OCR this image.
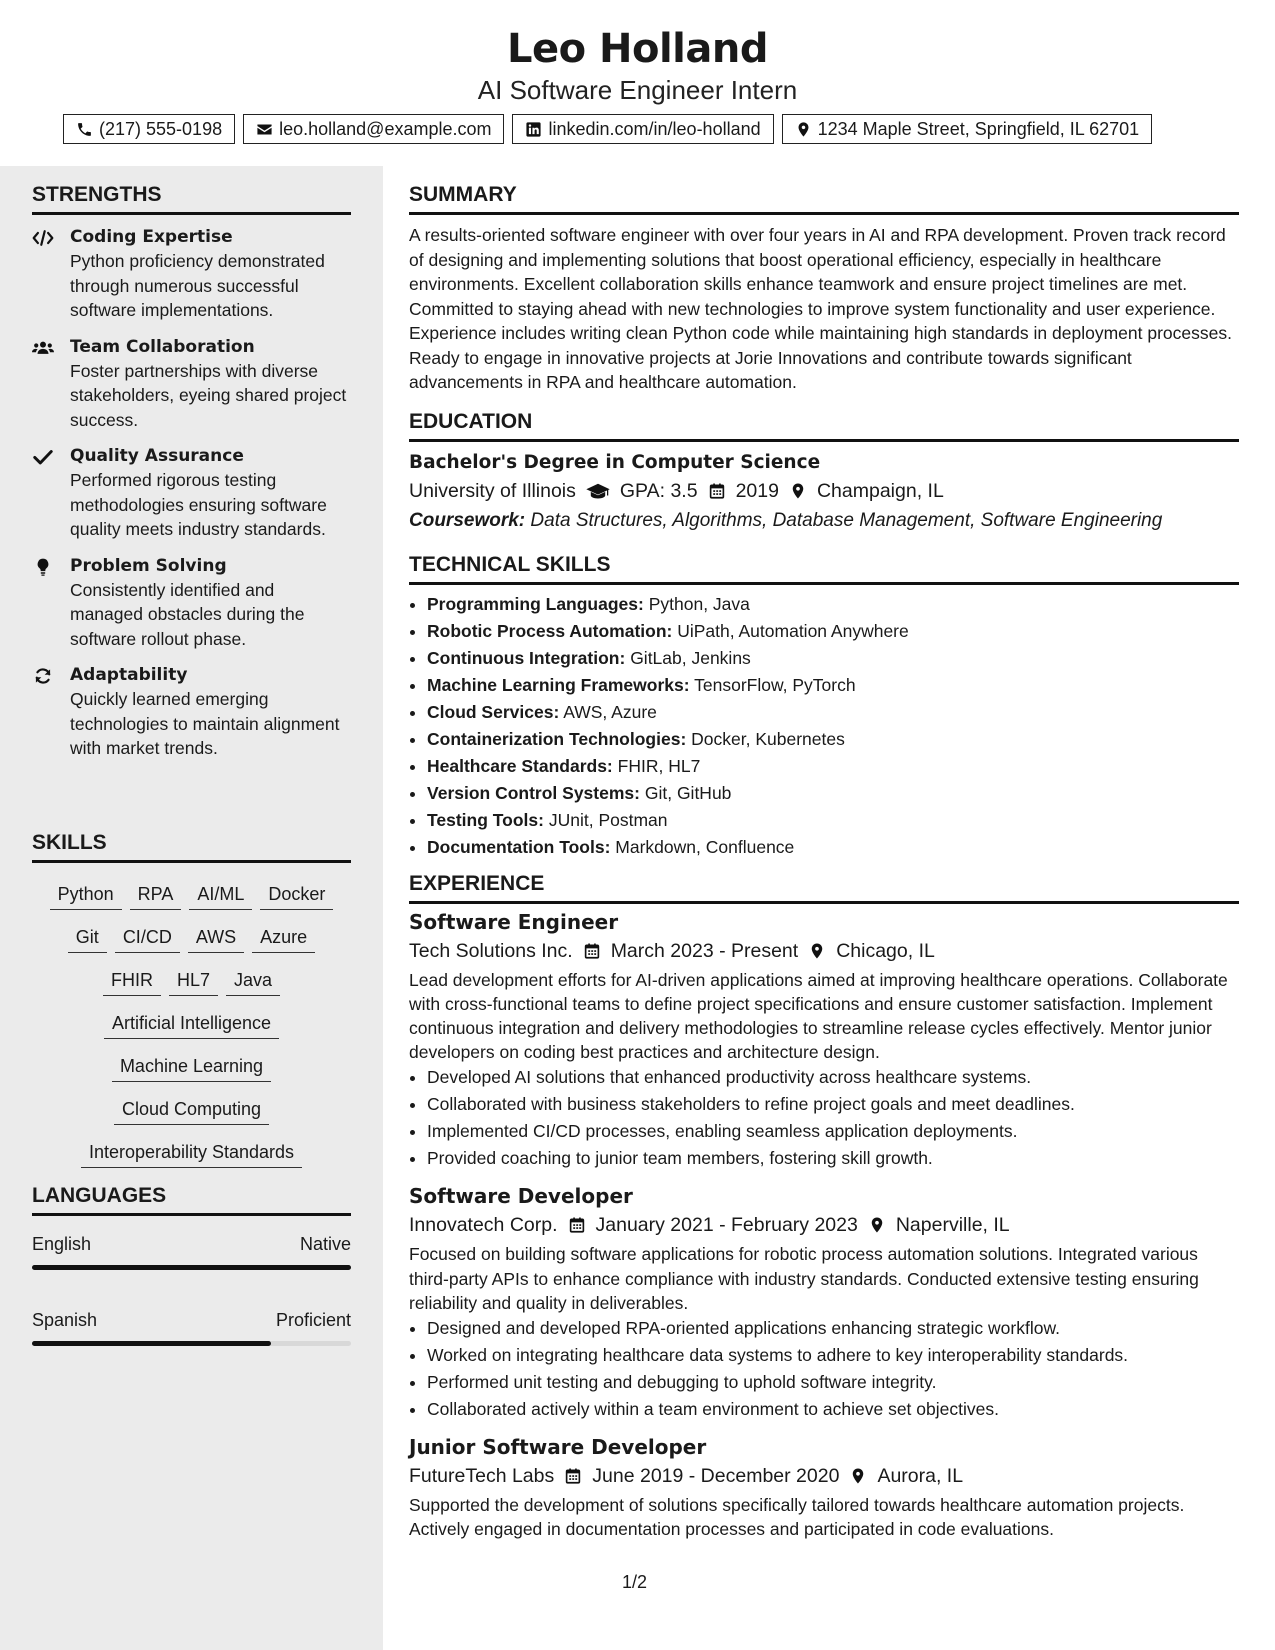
Leo Holland
AI Software Engineer Intern
(217) 555-0198	leo.holland@example.com	linkedin.com/in/leo-holland	1234 Maple Street, Springfield, IL 62701
STRENGTHS
Coding Expertise
Python proficiency demonstrated through numerous successful software implementations.
Team Collaboration
Foster partnerships with diverse stakeholders, eyeing shared project success.
Quality Assurance
Performed rigorous testing methodologies ensuring software quality meets industry standards.
Problem Solving
Consistently identified and managed obstacles during the software rollout phase.
Adaptability
Quickly learned emerging technologies to maintain alignment with market trends.
SKILLS
Python	RPA	AI/ML	Docker
Git	CI/CD	AWS	Azure
FHIR	HL7	Java
Artificial Intelligence
Machine Learning
Cloud Computing
Interoperability Standards
LANGUAGES
English	Native
Spanish	Proficient
SUMMARY
A results-oriented software engineer with over four years in AI and RPA development. Proven track record of designing and implementing solutions that boost operational efficiency, especially in healthcare environments. Excellent collaboration skills enhance teamwork and ensure project timelines are met. Committed to staying ahead with new technologies to improve system functionality and user experience. Experience includes writing clean Python code while maintaining high standards in deployment processes. Ready to engage in innovative projects at Jorie Innovations and contribute towards significant advancements in RPA and healthcare automation.
EDUCATION
Bachelor's Degree in Computer Science
University of Illinois GPA: 3.5 2019 Champaign, IL
Coursework: Data Structures, Algorithms, Database Management, Software Engineering
TECHNICAL SKILLS
• Programming Languages: Python, Java
• Robotic Process Automation: UiPath, Automation Anywhere
• Continuous Integration: GitLab, Jenkins
• Machine Learning Frameworks: TensorFlow, PyTorch
• Cloud Services: AWS, Azure
• Containerization Technologies: Docker, Kubernetes
• Healthcare Standards: FHIR, HL7
• Version Control Systems: Git, GitHub
• Testing Tools: JUnit, Postman
• Documentation Tools: Markdown, Confluence
EXPERIENCE
Software Engineer
Tech Solutions Inc. March 2023 - Present Chicago, IL
Lead development efforts for AI-driven applications aimed at improving healthcare operations. Collaborate with cross-functional teams to define project specifications and ensure customer satisfaction. Implement continuous integration and delivery methodologies to streamline release cycles effectively. Mentor junior developers on coding best practices and architecture design.
• Developed AI solutions that enhanced productivity across healthcare systems.
• Collaborated with business stakeholders to refine project goals and meet deadlines.
• Implemented CI/CD processes, enabling seamless application deployments.
• Provided coaching to junior team members, fostering skill growth.
Software Developer
Innovatech Corp. January 2021 - February 2023 Naperville, IL
Focused on building software applications for robotic process automation solutions. Integrated various third-party APIs to enhance compliance with industry standards. Conducted extensive testing ensuring reliability and quality in deliverables.
• Designed and developed RPA-oriented applications enhancing strategic workflow.
• Worked on integrating healthcare data systems to adhere to key interoperability standards.
• Performed unit testing and debugging to uphold software integrity.
• Collaborated actively within a team environment to achieve set objectives.
Junior Software Developer
FutureTech Labs June 2019 - December 2020 Aurora, IL
Supported the development of solutions specifically tailored towards healthcare automation projects. Actively engaged in documentation processes and participated in code evaluations.
1/2
